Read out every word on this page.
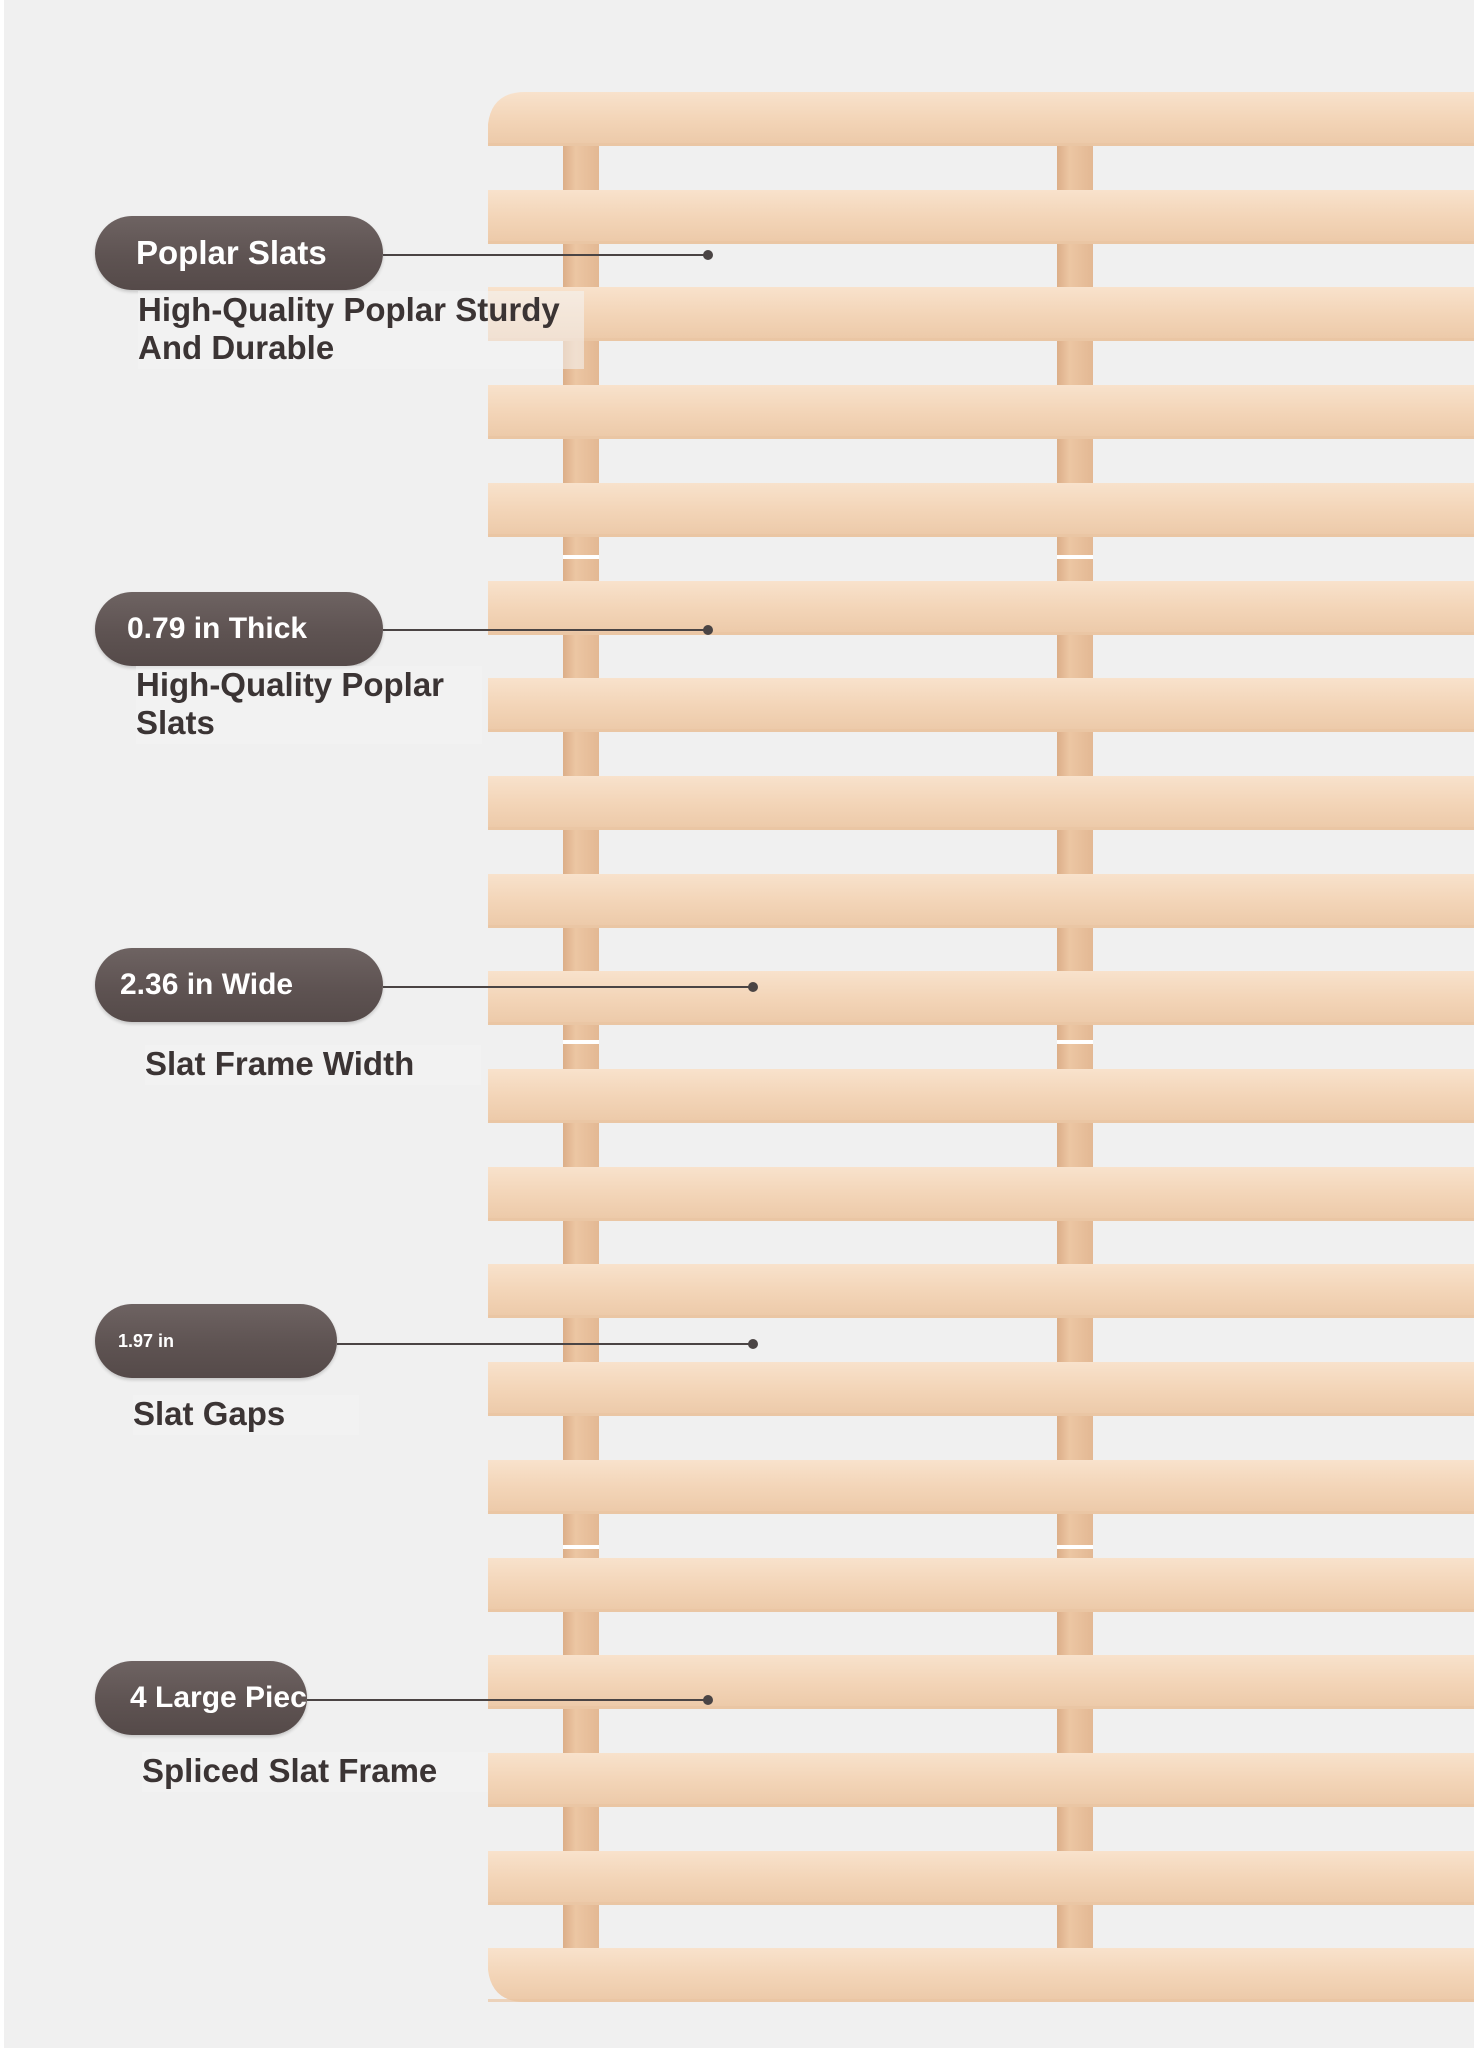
Poplar Slats
High-Quality Poplar Sturdy And Durable
0.79 in Thick
High-Quality Poplar Slats
2.36 in Wide
Slat Frame Width
1.97 in
Slat Gaps
4 Large Piec
Spliced Slat Frame
